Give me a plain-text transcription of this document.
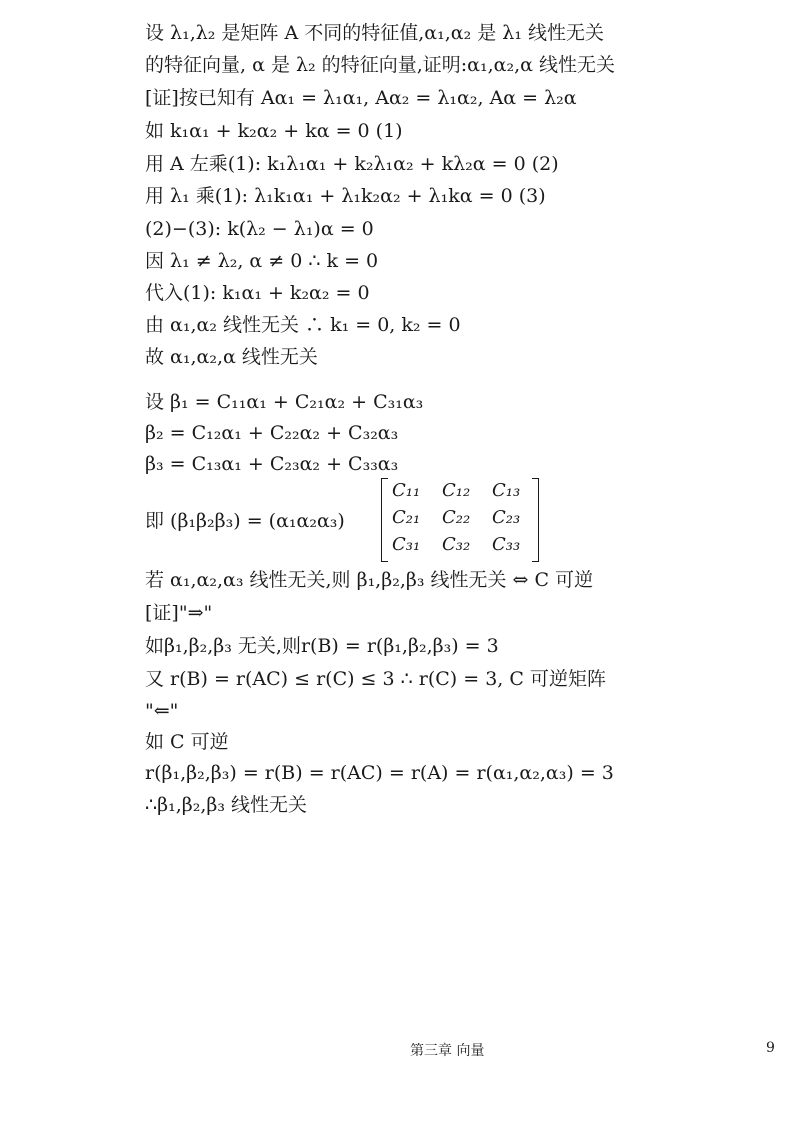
设 λ₁,λ₂ 是矩阵 A 不同的特征值,α₁,α₂ 是 λ₁ 线性无关
的特征向量, α 是 λ₂ 的特征向量,证明:α₁,α₂,α 线性无关
[证]按已知有 Aα₁ = λ₁α₁, Aα₂ = λ₁α₂, Aα = λ₂α
如 k₁α₁ + k₂α₂ + kα = 0 (1)
用 A 左乘(1): k₁λ₁α₁ + k₂λ₁α₂ + kλ₂α = 0 (2)
用 λ₁ 乘(1): λ₁k₁α₁ + λ₁k₂α₂ + λ₁kα = 0 (3)
(2)−(3): k(λ₂ − λ₁)α = 0
因 λ₁ ≠ λ₂, α ≠ 0 ∴ k = 0
代入(1): k₁α₁ + k₂α₂ = 0
由 α₁,α₂ 线性无关 ∴ k₁ = 0, k₂ = 0
故 α₁,α₂,α 线性无关
设 β₁ = C₁₁α₁ + C₂₁α₂ + C₃₁α₃
β₂ = C₁₂α₁ + C₂₂α₂ + C₃₂α₃
β₃ = C₁₃α₁ + C₂₃α₂ + C₃₃α₃
即 (β₁β₂β₃) = (α₁α₂α₃)
C₁₁	C₁₂	C₁₃
C₂₁	C₂₂	C₂₃
C₃₁	C₃₂	C₃₃
若 α₁,α₂,α₃ 线性无关,则 β₁,β₂,β₃ 线性无关 ⇔ C 可逆
[证]"⇒"
如β₁,β₂,β₃ 无关,则r(B) = r(β₁,β₂,β₃) = 3
又 r(B) = r(AC) ≤ r(C) ≤ 3 ∴ r(C) = 3, C 可逆矩阵
"⇐"
如 C 可逆
r(β₁,β₂,β₃) = r(B) = r(AC) = r(A) = r(α₁,α₂,α₃) = 3
∴β₁,β₂,β₃ 线性无关
第三章 向量	9
